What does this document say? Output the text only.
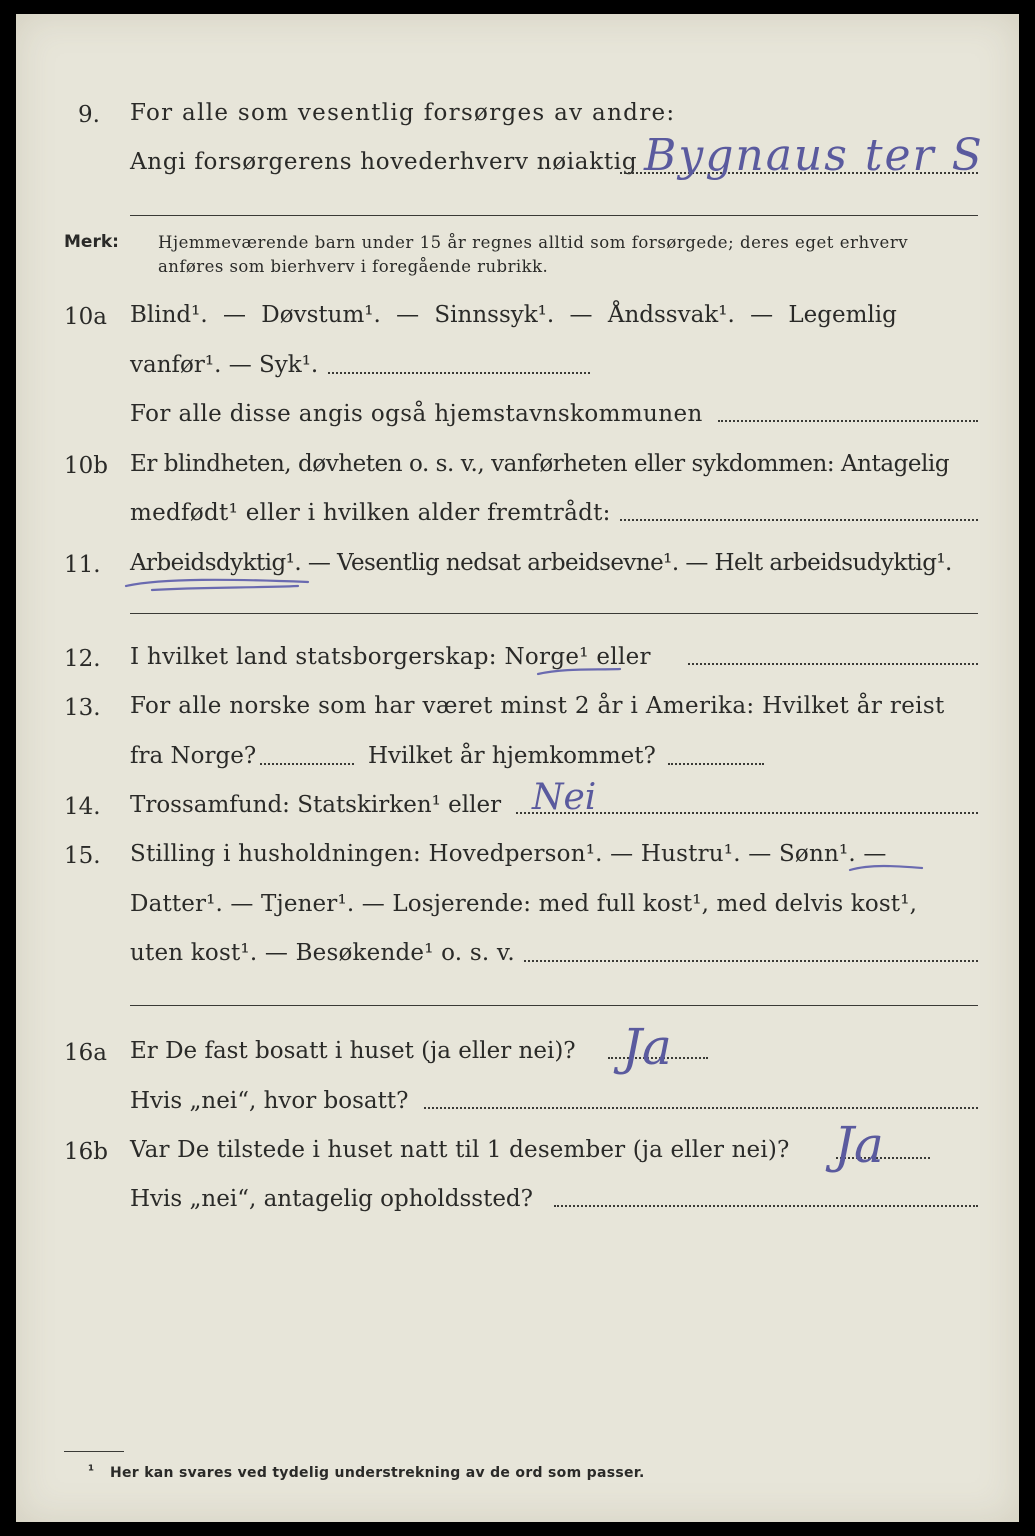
9. For alle som vesentlig forsørges av andre:
Angi forsørgerens hovederhverv nøiaktig Bygnaus ter S
Merk: Hjemmeværende barn under 15 år regnes alltid som forsørgede; deres eget erhverv
anføres som bierhverv i foregående rubrikk.
10a Blind¹. — Døvstum¹. — Sinnssyk¹. — Åndssvak¹. — Legemlig
vanfør¹. — Syk¹.
For alle disse angis også hjemstavnskommunen
10b Er blindheten, døvheten o. s. v., vanførheten eller sykdommen: Antagelig
medfødt¹ eller i hvilken alder fremtrådt:
11. Arbeidsdyktig¹. — Vesentlig nedsat arbeidsevne¹. — Helt arbeidsudyktig¹.
12. I hvilket land statsborgerskap: Norge¹ eller
13. For alle norske som har været minst 2 år i Amerika: Hvilket år reist
fra Norge?	Hvilket år hjemkommet?
14. Trossamfund: Statskirken¹ eller Nei
15. Stilling i husholdningen: Hovedperson¹. — Hustru¹. — Sønn¹. —
Datter¹. — Tjener¹. — Losjerende: med full kost¹, med delvis kost¹,
uten kost¹. — Besøkende¹ o. s. v.
16a Er De fast bosatt i huset (ja eller nei)? Ja
Hvis „nei“, hvor bosatt?
16b Var De tilstede i huset natt til 1 desember (ja eller nei)? Ja
Hvis „nei“, antagelig opholdssted?
¹ Her kan svares ved tydelig understrekning av de ord som passer.
